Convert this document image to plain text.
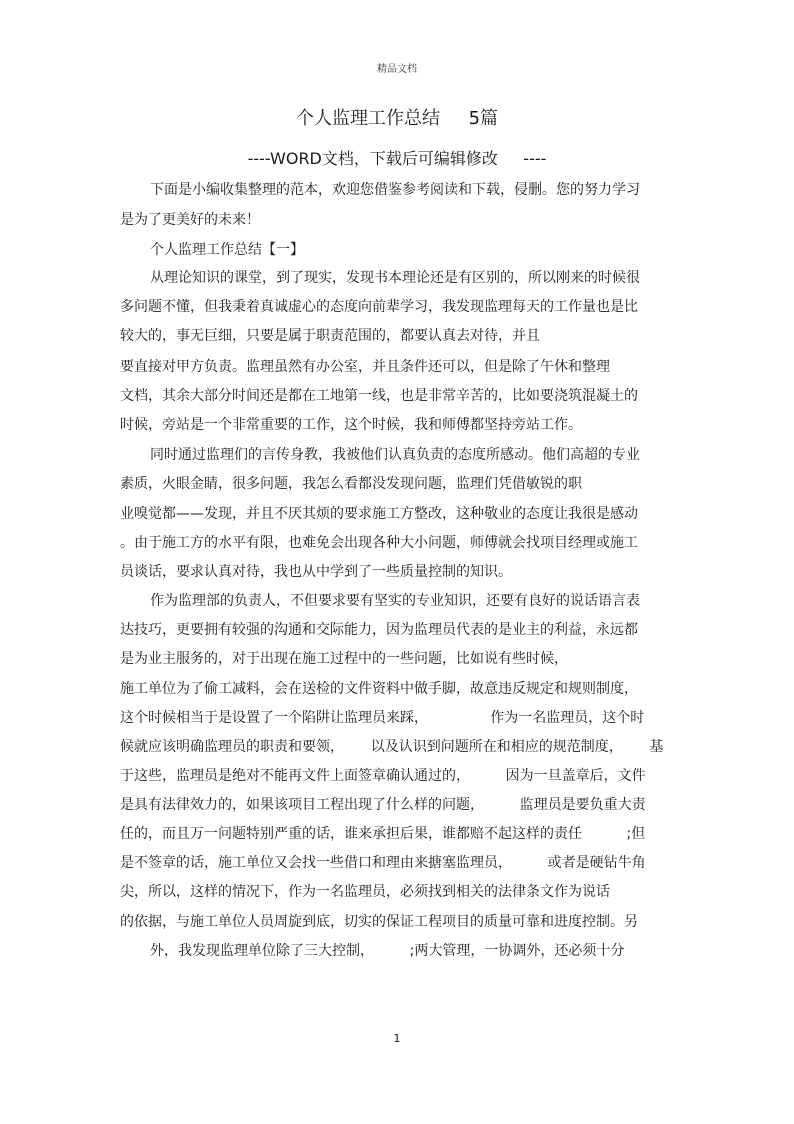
精品文档
个人监理工作总结     5篇
----WORD文档，下载后可编辑修改     ----
下面是小编收集整理的范本，欢迎您借鉴参考阅读和下载，侵删。您的努力学习
是为了更美好的未来！
个人监理工作总结【一】
从理论知识的课堂，到了现实，发现书本理论还是有区别的，所以刚来的时候很
多问题不懂，但我秉着真诚虚心的态度向前辈学习，我发现监理每天的工作量也是比
较大的，事无巨细，只要是属于职责范围的，都要认真去对待，并且
要直接对甲方负责。监理虽然有办公室，并且条件还可以，但是除了午休和整理
文档，其余大部分时间还是都在工地第一线，也是非常辛苦的，比如要浇筑混凝土的
时候，旁站是一个非常重要的工作，这个时候，我和师傅都坚持旁站工作。
同时通过监理们的言传身教，我被他们认真负责的态度所感动。他们高超的专业
素质，火眼金睛，很多问题，我怎么看都没发现问题，监理们凭借敏锐的职
业嗅觉都——发现，并且不厌其烦的要求施工方整改，这种敬业的态度让我很是感动
。由于施工方的水平有限，也难免会出现各种大小问题，师傅就会找项目经理或施工
员谈话，要求认真对待，我也从中学到了一些质量控制的知识。
作为监理部的负责人，不但要求要有坚实的专业知识，还要有良好的说话语言表
达技巧，更要拥有较强的沟通和交际能力，因为监理员代表的是业主的利益，永远都
是为业主服务的，对于出现在施工过程中的一些问题，比如说有些时候，
施工单位为了偷工减料，会在送检的文件资料中做手脚，故意违反规定和规则制度，
这个时候相当于是设置了一个陷阱让监理员来踩，              作为一名监理员，这个时
候就应该明确监理员的职责和要领，      以及认识到问题所在和相应的规范制度，      基
于这些，监理员是绝对不能再文件上面签章确认通过的，        因为一旦盖章后，文件
是具有法律效力的，如果该项目工程出现了什么样的问题，        监理员是要负重大责
任的，而且万一问题特别严重的话，谁来承担后果，谁都赔不起这样的责任          ;但
是不签章的话，施工单位又会找一些借口和理由来搪塞监理员，        或者是硬钻牛角
尖，所以，这样的情况下，作为一名监理员，必须找到相关的法律条文作为说话
的依据，与施工单位人员周旋到底，切实的保证工程项目的质量可靠和进度控制。另
外，我发现监理单位除了三大控制，        ;两大管理，一协调外，还必须十分
1
